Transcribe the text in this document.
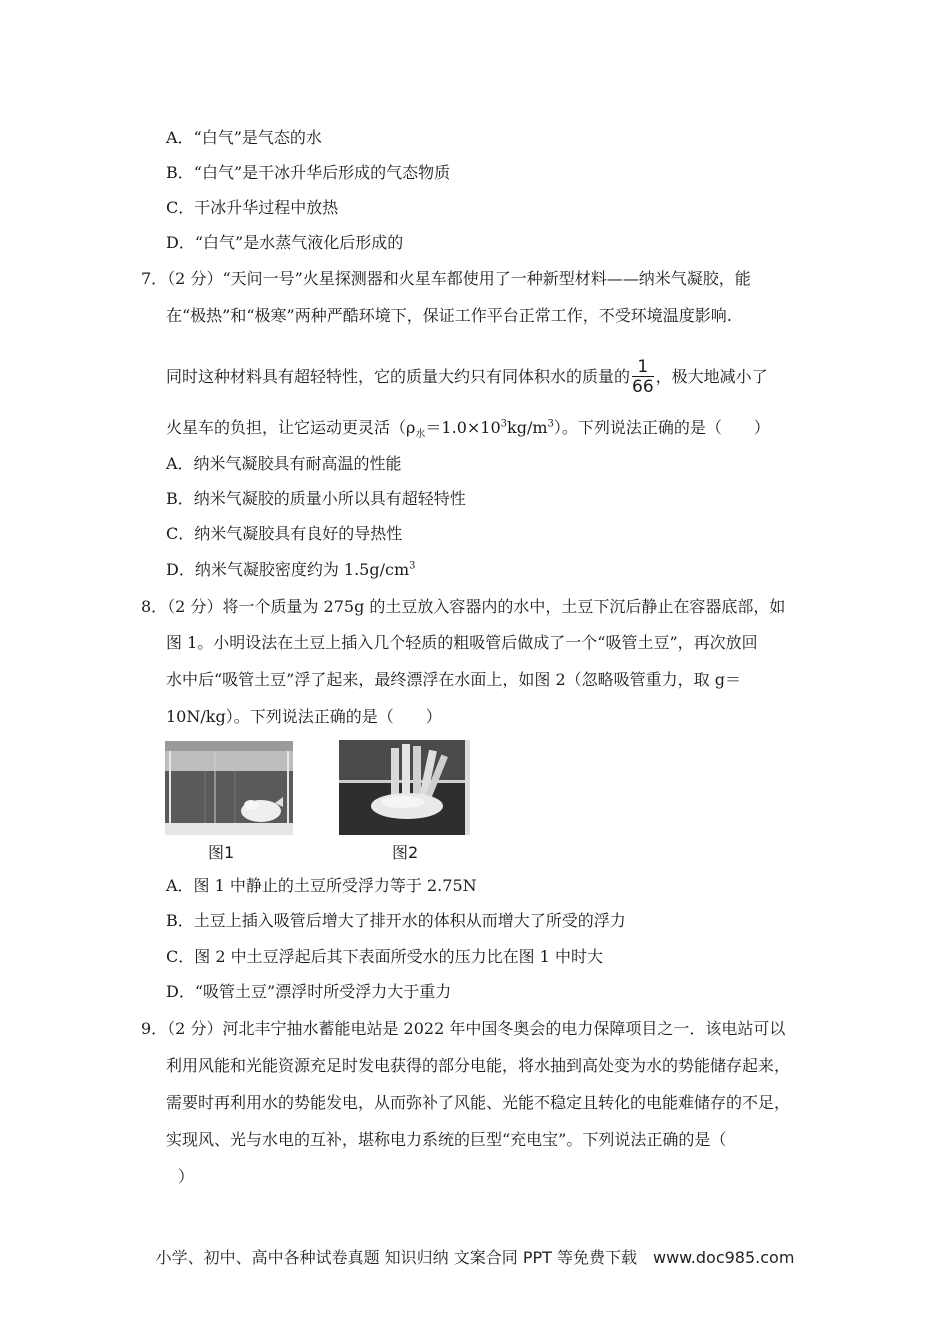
A．“白气”是气态的水
B．“白气”是干冰升华后形成的气态物质
C．干冰升华过程中放热
D．“白气”是水蒸气液化后形成的
7．（2 分）“天问一号”火星探测器和火星车都使用了一种新型材料——纳米气凝胶，能
在“极热”和“极寒”两种严酷环境下，保证工作平台正常工作，不受环境温度影响.
同时这种材料具有超轻特性，它的质量大约只有同体积水的质量的 $\frac{1}{66}$ ，极大地减小了
火星车的负担，让它运动更灵活$(\rho_水=1.0\times 10^3kg/m^3)$。下列说法正确的是（　　）
A．纳米气凝胶具有耐高温的性能
B．纳米气凝胶的质量小所以具有超轻特性
C．纳米气凝胶具有良好的导热性
D．纳米气凝胶密度约为 $1.5g/cm^3$
8．（2 分）将一个质量为 275g 的土豆放入容器内的水中，土豆下沉后静止在容器底部，如
图 1。小明设法在土豆上插入几个轻质的粗吸管后做成了一个“吸管土豆”，再次放回
水中后“吸管土豆”浮了起来，最终漂浮在水面上，如图 2（忽略吸管重力，取 g＝
10N/kg）。下列说法正确的是（　　）
图1	图2
A．图 1 中静止的土豆所受浮力等于 2.75N
B．土豆上插入吸管后增大了排开水的体积从而增大了所受的浮力
C．图 2 中土豆浮起后其下表面所受水的压力比在图 1 中时大
D．“吸管土豆”漂浮时所受浮力大于重力
9．（2 分）河北丰宁抽水蓄能电站是 2022 年中国冬奥会的电力保障项目之一．该电站可以
利用风能和光能资源充足时发电获得的部分电能，将水抽到高处变为水的势能储存起来，
需要时再利用水的势能发电，从而弥补了风能、光能不稳定且转化的电能难储存的不足，
实现风、光与水电的互补，堪称电力系统的巨型“充电宝”。下列说法正确的是（
）
小学、初中、高中各种试卷真题 知识归纳 文案合同 PPT 等免费下载　www.doc985.com
